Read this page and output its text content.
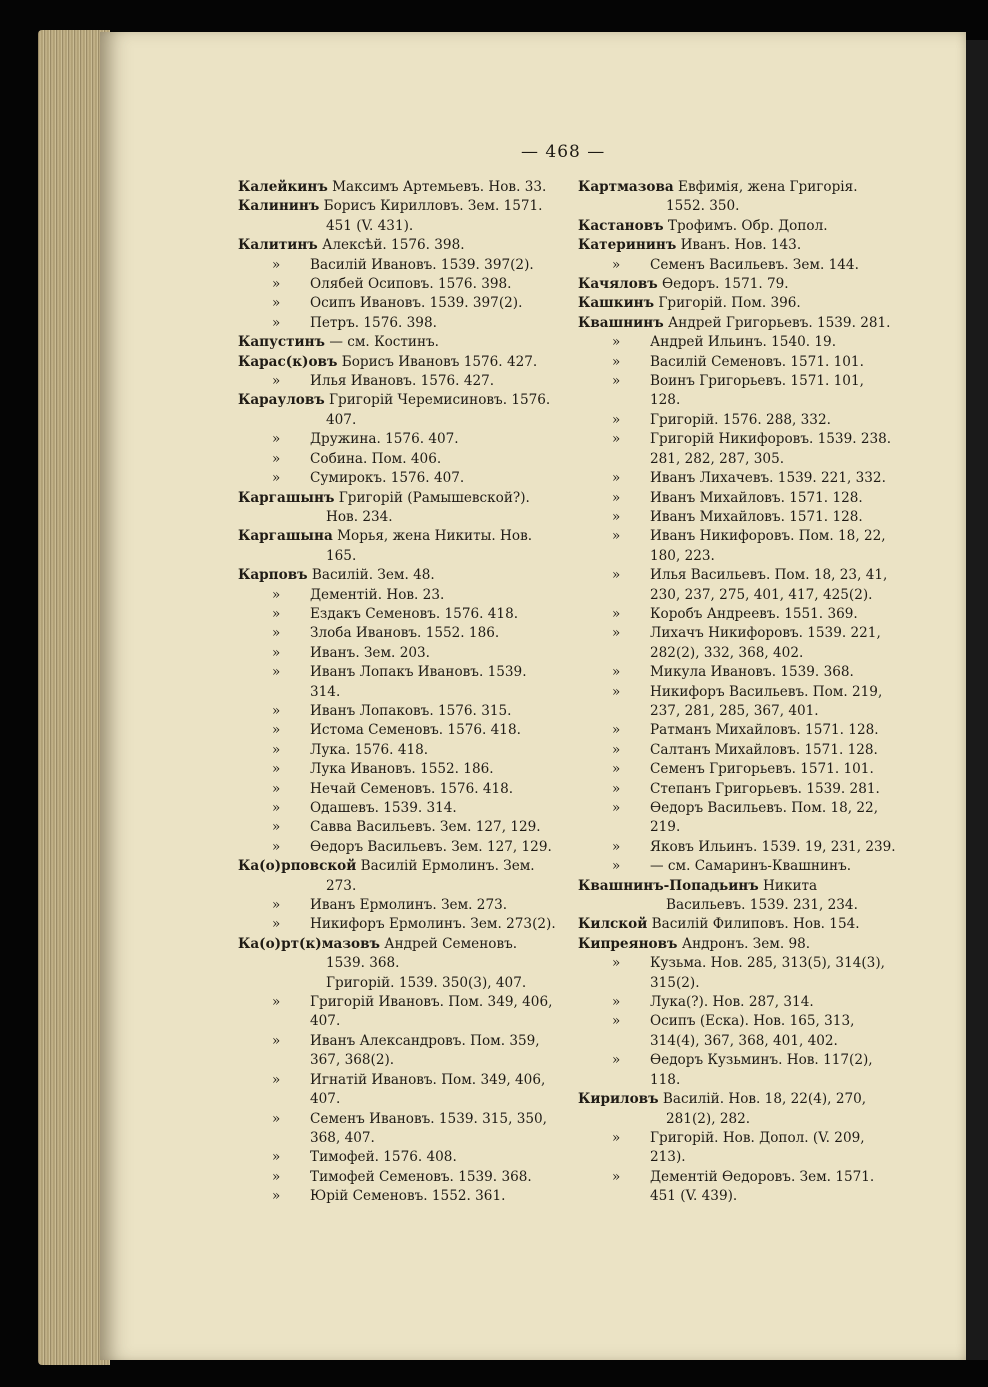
— 468 —

Калейкинъ Максимъ Артемьевъ. Нов. 33.

Калининъ Борисъ Кирилловъ. Зем. 1571. 451 (V. 431).

Калитинъ Алексѣй. 1576. 398.

» Василій Ивановъ. 1539. 397(2).

» Олябей Осиповъ. 1576. 398.

» Осипъ Ивановъ. 1539. 397(2).

» Петръ. 1576. 398.

Капустинъ — см. Костинъ.

Карас(к)овъ Борисъ Ивановъ 1576. 427.

» Илья Ивановъ. 1576. 427.

Карауловъ Григорій Черемисиновъ. 1576. 407.

» Дружина. 1576. 407.

» Собина. Пом. 406.

» Сумирокъ. 1576. 407.

Каргашынъ Григорій (Рамышевской?). Нов. 234.

Каргашына Морья, жена Никиты. Нов. 165.

Карповъ Василій. Зем. 48.

» Дементій. Нов. 23.

» Ездакъ Семеновъ. 1576. 418.

» Злоба Ивановъ. 1552. 186.

» Иванъ. Зем. 203.

» Иванъ Лопакъ Ивановъ. 1539. 314.

» Иванъ Лопаковъ. 1576. 315.

» Истома Семеновъ. 1576. 418.

» Лука. 1576. 418.

» Лука Ивановъ. 1552. 186.

» Нечай Семеновъ. 1576. 418.

» Одашевъ. 1539. 314.

» Савва Васильевъ. Зем. 127, 129.

» Ѳедоръ Васильевъ. Зем. 127, 129.

Ка(о)рповской Василій Ермолинъ. Зем. 273.

» Иванъ Ермолинъ. Зем. 273.

» Никифоръ Ермолинъ. Зем. 273(2).

Ка(о)рт(к)мазовъ Андрей Семеновъ. 1539. 368.

Григорій. 1539. 350(3), 407.

» Григорій Ивановъ. Пом. 349, 406, 407.

» Иванъ Александровъ. Пом. 359, 367, 368(2).

» Игнатій Ивановъ. Пом. 349, 406, 407.

» Семенъ Ивановъ. 1539. 315, 350, 368, 407.

» Тимофей. 1576. 408.

» Тимофей Семеновъ. 1539. 368.

» Юрій Семеновъ. 1552. 361.

Картмазова Евфимія, жена Григорія. 1552. 350.

Кастановъ Трофимъ. Обр. Допол.

Катерининъ Иванъ. Нов. 143.

» Семенъ Васильевъ. Зем. 144.

Качяловъ Ѳедоръ. 1571. 79.

Кашкинъ Григорій. Пом. 396.

Квашнинъ Андрей Григорьевъ. 1539. 281.

» Андрей Ильинъ. 1540. 19.

» Василій Семеновъ. 1571. 101.

» Воинъ Григорьевъ. 1571. 101, 128.

» Григорій. 1576. 288, 332.

» Григорій Никифоровъ. 1539. 238. 281, 282, 287, 305.

» Иванъ Лихачевъ. 1539. 221, 332.

» Иванъ Михайловъ. 1571. 128.

» Иванъ Михайловъ. 1571. 128.

» Иванъ Никифоровъ. Пом. 18, 22, 180, 223.

» Илья Васильевъ. Пом. 18, 23, 41, 230, 237, 275, 401, 417, 425(2).

» Коробъ Андреевъ. 1551. 369.

» Лихачъ Никифоровъ. 1539. 221, 282(2), 332, 368, 402.

» Микула Ивановъ. 1539. 368.

» Никифоръ Васильевъ. Пом. 219, 237, 281, 285, 367, 401.

» Ратманъ Михайловъ. 1571. 128.

» Салтанъ Михайловъ. 1571. 128.

» Семенъ Григорьевъ. 1571. 101.

» Степанъ Григорьевъ. 1539. 281.

» Ѳедоръ Васильевъ. Пом. 18, 22, 219.

» Яковъ Ильинъ. 1539. 19, 231, 239.

» — см. Самаринъ-Квашнинъ.

Квашнинъ-Попадьинъ Никита Васильевъ. 1539. 231, 234.

Килской Василій Филиповъ. Нов. 154.

Кипреяновъ Андронъ. Зем. 98.

» Кузьма. Нов. 285, 313(5), 314(3), 315(2).

» Лука(?). Нов. 287, 314.

» Осипъ (Еска). Нов. 165, 313, 314(4), 367, 368, 401, 402.

» Ѳедоръ Кузьминъ. Нов. 117(2), 118.

Кириловъ Василій. Нов. 18, 22(4), 270, 281(2), 282.

» Григорій. Нов. Допол. (V. 209, 213).

» Дементій Ѳедоровъ. Зем. 1571. 451 (V. 439).
